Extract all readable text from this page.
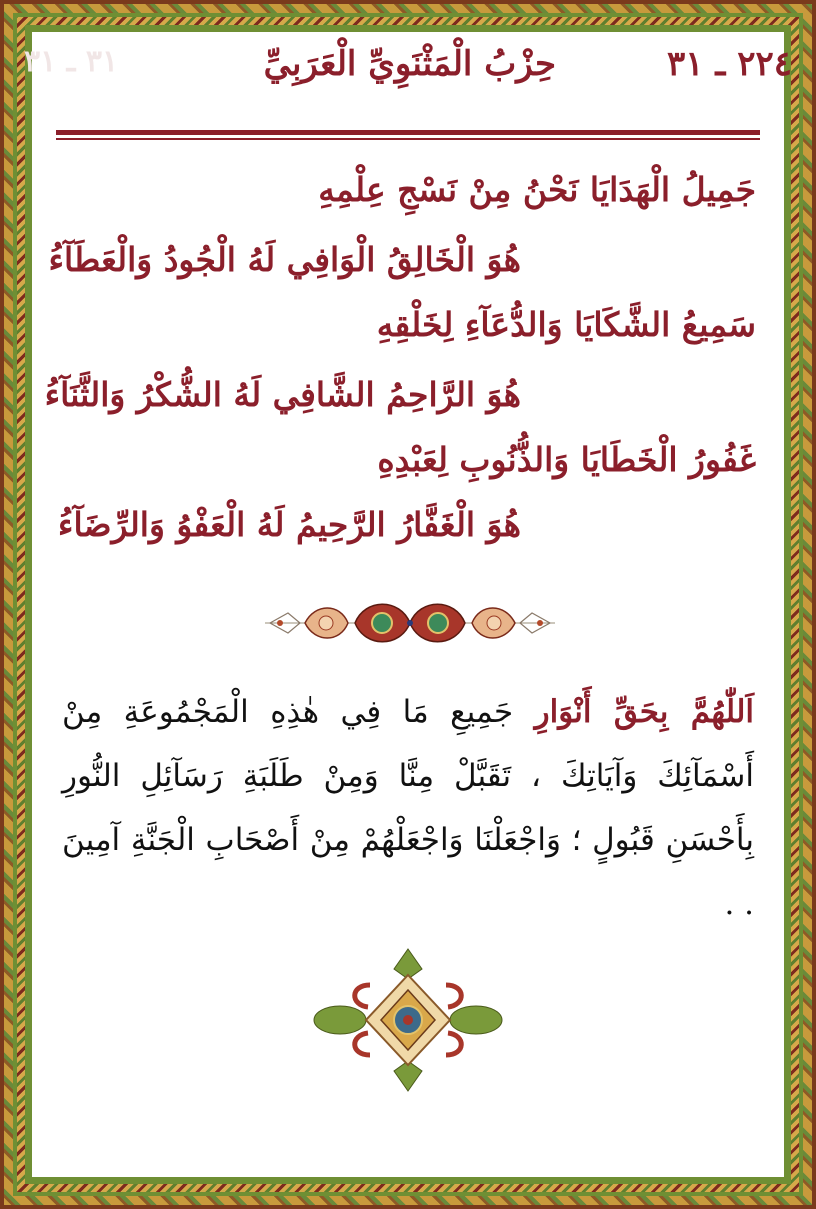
٢٢٤ ـ ٣١
حِزْبُ الْمَثْنَوِيِّ الْعَرَبِيِّ
٣١ ـ ٣١
جَمِيلُ الْهَدَايَا نَحْنُ مِنْ نَسْجِ عِلْمِهِ
هُوَ الْخَالِقُ الْوَافِي لَهُ الْجُودُ وَالْعَطَآءُ
سَمِيعُ الشَّكَايَا وَالدُّعَآءِ لِخَلْقِهِ
هُوَ الرَّاحِمُ الشَّافِي لَهُ الشُّكْرُ وَالثَّنَآءُ
غَفُورُ الْخَطَايَا وَالذُّنُوبِ لِعَبْدِهِ
هُوَ الْغَفَّارُ الرَّحِيمُ لَهُ الْعَفْوُ وَالرِّضَآءُ
اَللّٰهُمَّ بِحَقِّ أَنْوَارِ جَمِيعِ مَا فِي هٰذِهِ الْمَجْمُوعَةِ مِنْ أَسْمَآئِكَ وَآيَاتِكَ ، تَقَبَّلْ مِنَّا وَمِنْ طَلَبَةِ رَسَآئِلِ النُّورِ بِأَحْسَنِ قَبُولٍ ؛ وَاجْعَلْنَا وَاجْعَلْهُمْ مِنْ أَصْحَابِ الْجَنَّةِ آمِينَ . .
